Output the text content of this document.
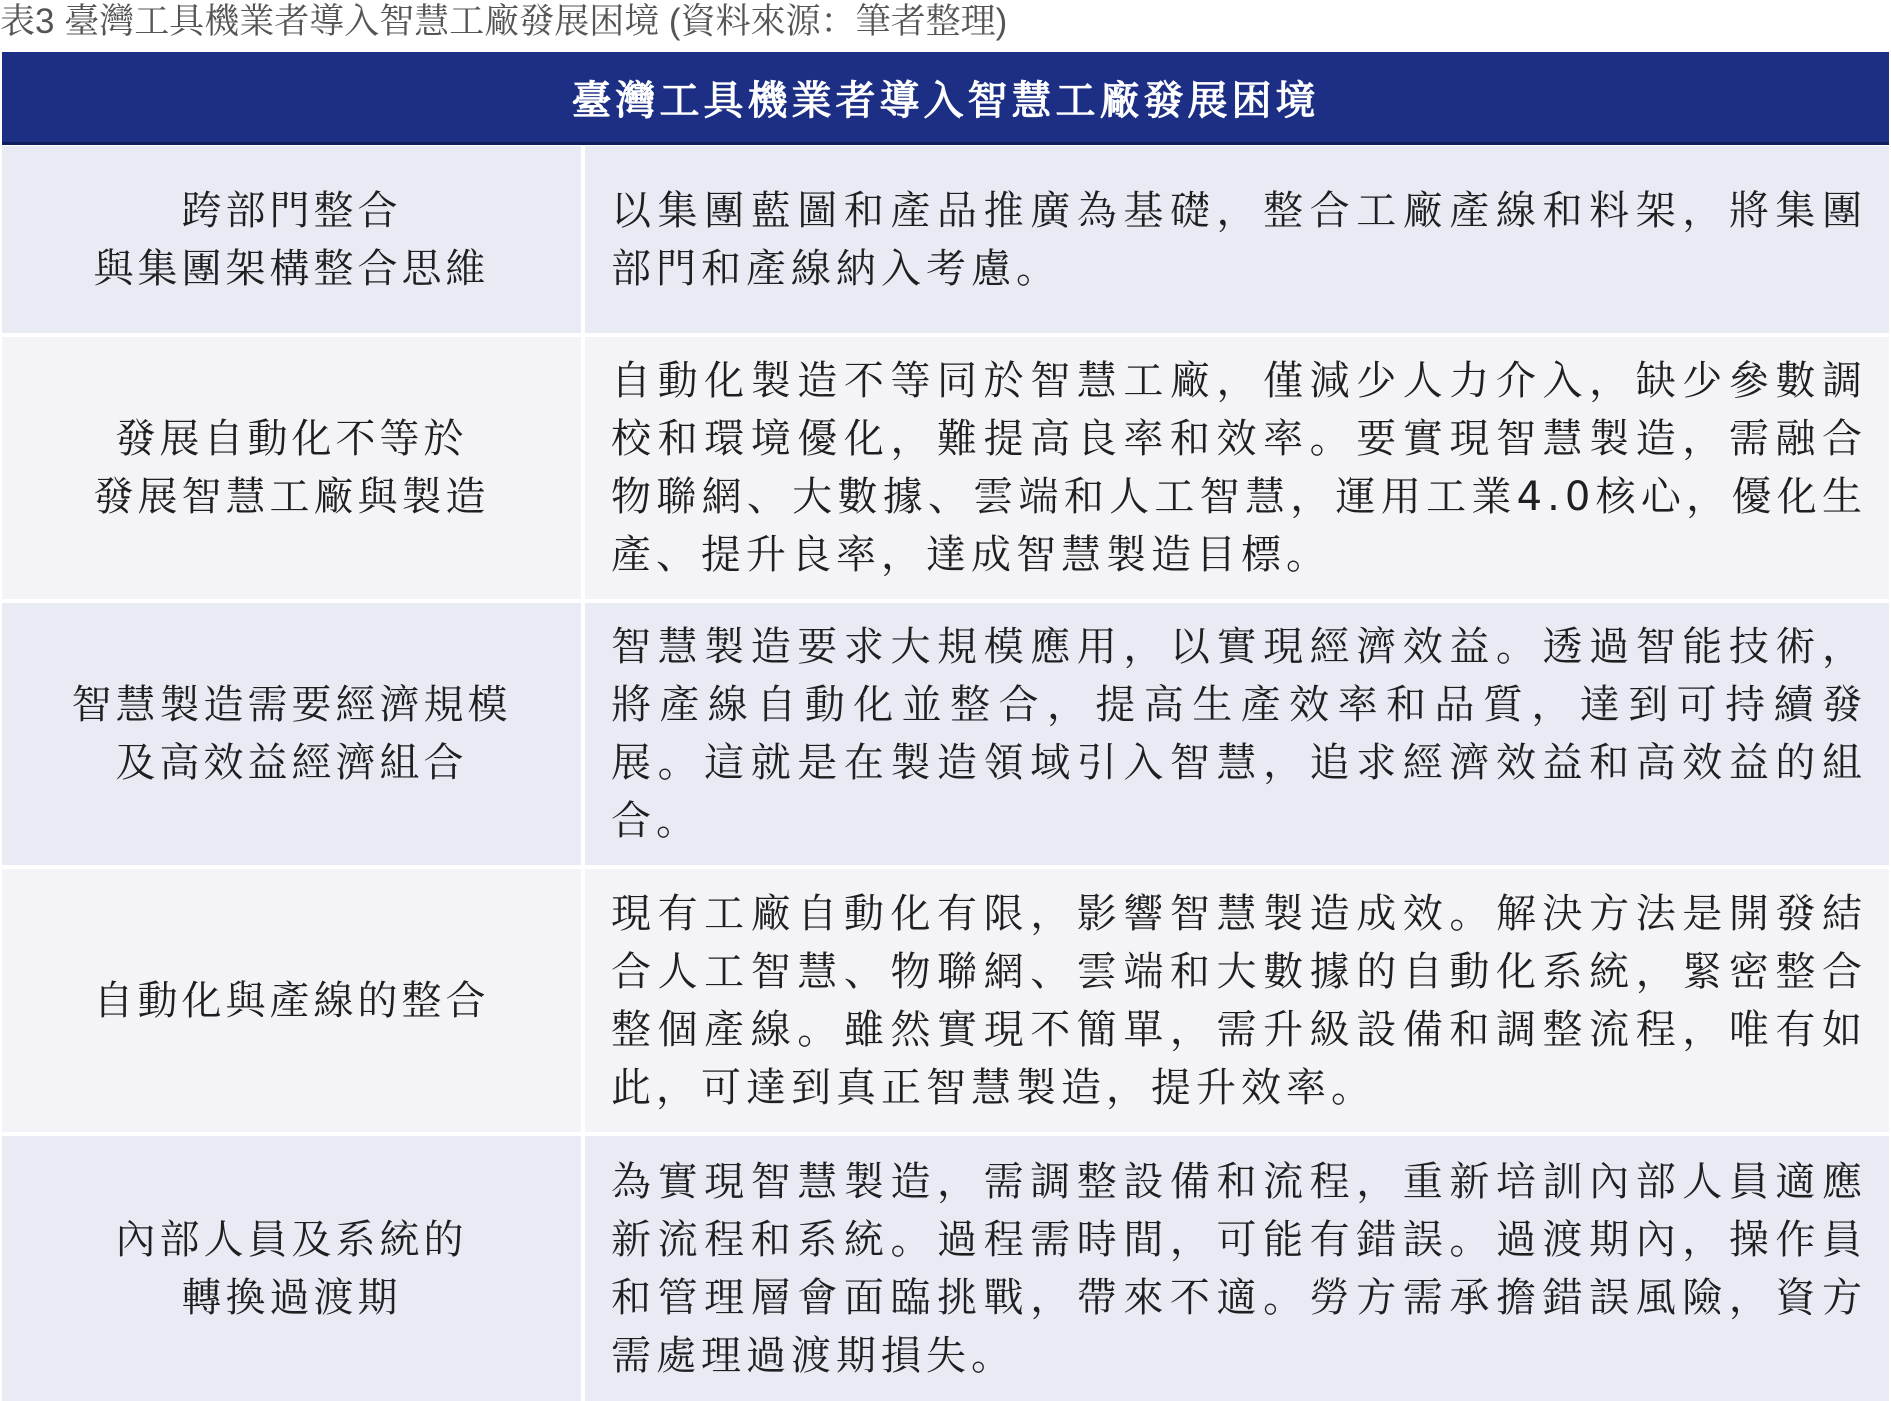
表3 臺灣工具機業者導入智慧工廠發展困境 (資料來源：筆者整理)
臺灣工具機業者導入智慧工廠發展困境
跨部門整合
與集團架構整合思維
以集團藍圖和產品推廣為基礎，整合工廠產線和料架，將集團部門和產線納入考慮。
發展自動化不等於
發展智慧工廠與製造
自動化製造不等同於智慧工廠，僅減少人力介入，缺少參數調校和環境優化，難提高良率和效率。要實現智慧製造，需融合物聯網、大數據、雲端和人工智慧，運用工業4.0核心，優化生產、提升良率，達成智慧製造目標。
智慧製造需要經濟規模
及高效益經濟組合
智慧製造要求大規模應用，以實現經濟效益。透過智能技術，將產線自動化並整合，提高生產效率和品質，達到可持續發展。這就是在製造領域引入智慧，追求經濟效益和高效益的組合。
自動化與產線的整合
現有工廠自動化有限，影響智慧製造成效。解決方法是開發結合人工智慧、物聯網、雲端和大數據的自動化系統，緊密整合整個產線。雖然實現不簡單，需升級設備和調整流程，唯有如此，可達到真正智慧製造，提升效率。
內部人員及系統的
轉換過渡期
為實現智慧製造，需調整設備和流程，重新培訓內部人員適應新流程和系統。過程需時間，可能有錯誤。過渡期內，操作員和管理層會面臨挑戰，帶來不適。勞方需承擔錯誤風險，資方需處理過渡期損失。
